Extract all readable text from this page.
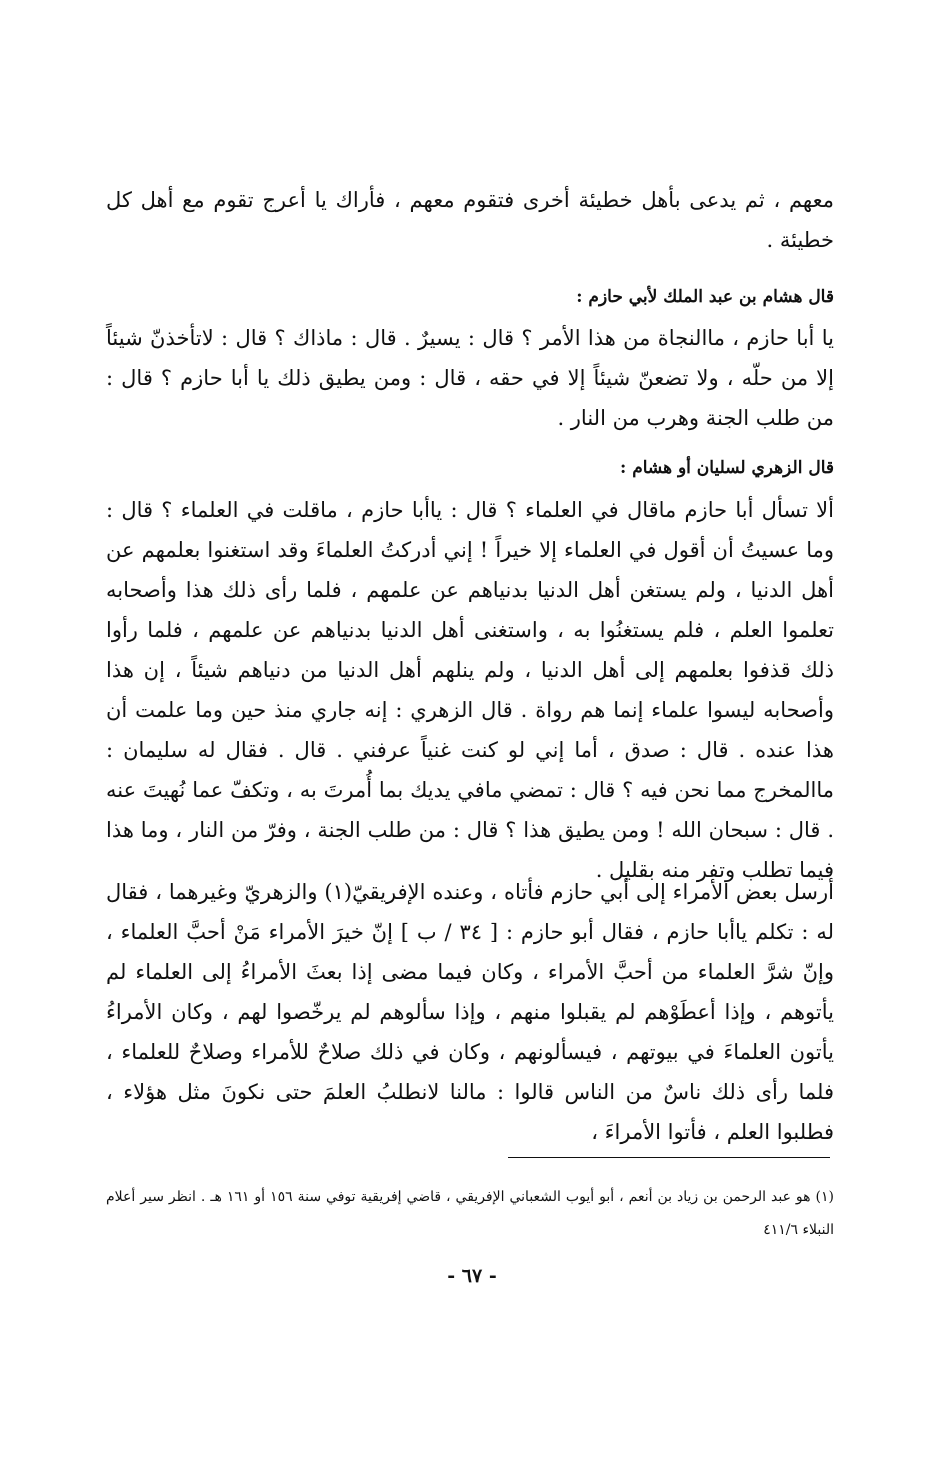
معهم ، ثم يدعى بأهل خطيئة أخرى فتقوم معهم ، فأراك يا أعرج تقوم مع أهل كل خطيئة .

قال هشام بن عبد الملك لأبي حازم :

يا أبا حازم ، ماالنجاة من هذا الأمر ؟ قال : يسيرٌ . قال : ماذاك ؟ قال : لاتأخذنّ شيئاً إلا من حلّه ، ولا تضعنّ شيئاً إلا في حقه ، قال : ومن يطيق ذلك يا أبا حازم ؟ قال : من طلب الجنة وهرب من النار .

قال الزهري لسليان أو هشام :

ألا تسأل أبا حازم ماقال في العلماء ؟ قال : ياأبا حازم ، ماقلت في العلماء ؟ قال : وما عسيتُ أن أقول في العلماء إلا خيراً ! إني أدركتُ العلماءَ وقد استغنوا بعلمهم عن أهل الدنيا ، ولم يستغن أهل الدنيا بدنياهم عن علمهم ، فلما رأى ذلك هذا وأصحابه تعلموا العلم ، فلم يستغنُوا به ، واستغنى أهل الدنيا بدنياهم عن علمهم ، فلما رأوا ذلك قذفوا بعلمهم إلى أهل الدنيا ، ولم ينلهم أهل الدنيا من دنياهم شيئاً ، إن هذا وأصحابه ليسوا علماء إنما هم رواة . قال الزهري : إنه جاري منذ حين وما علمت أن هذا عنده . قال : صدق ، أما إني لو كنت غنياً عرفني . قال . فقال له سليمان : ماالمخرج مما نحن فيه ؟ قال : تمضي مافي يديك بما أُمرتَ به ، وتكفّ عما نُهيتَ عنه . قال : سبحان الله ! ومن يطيق هذا ؟ قال : من طلب الجنة ، وفرّ من النار ، وما هذا فيما تطلب وتفر منه بقليل .

أرسل بعض الأمراء إلى أبي حازم فأتاه ، وعنده الإفريقيّ(١) والزهريّ وغيرهما ، فقال له : تكلم ياأبا حازم ، فقال أبو حازم : [ ٣٤ / ب ] إنّ خيرَ الأمراء مَنْ أحبَّ العلماء ، وإنّ شرَّ العلماء من أحبَّ الأمراء ، وكان فيما مضى إذا بعثَ الأمراءُ إلى العلماء لم يأتوهم ، وإذا أعطَوْهم لم يقبلوا منهم ، وإذا سألوهم لم يرخّصوا لهم ، وكان الأمراءُ يأتون العلماءَ في بيوتهم ، فيسألونهم ، وكان في ذلك صلاحٌ للأمراء وصلاحٌ للعلماء ، فلما رأى ذلك ناسٌ من الناس قالوا : مالنا لانطلبُ العلمَ حتى نكونَ مثل هؤلاء ، فطلبوا العلم ، فأتوا الأمراءَ ،

(١) هو عبد الرحمن بن زياد بن أنعم ، أبو أيوب الشعباني الإفريقي ، قاضي إفريقية توفي سنة ١٥٦ أو ١٦١ هـ . انظر سير أعلام النبلاء ٤١١/٦

- ٦٧ -
